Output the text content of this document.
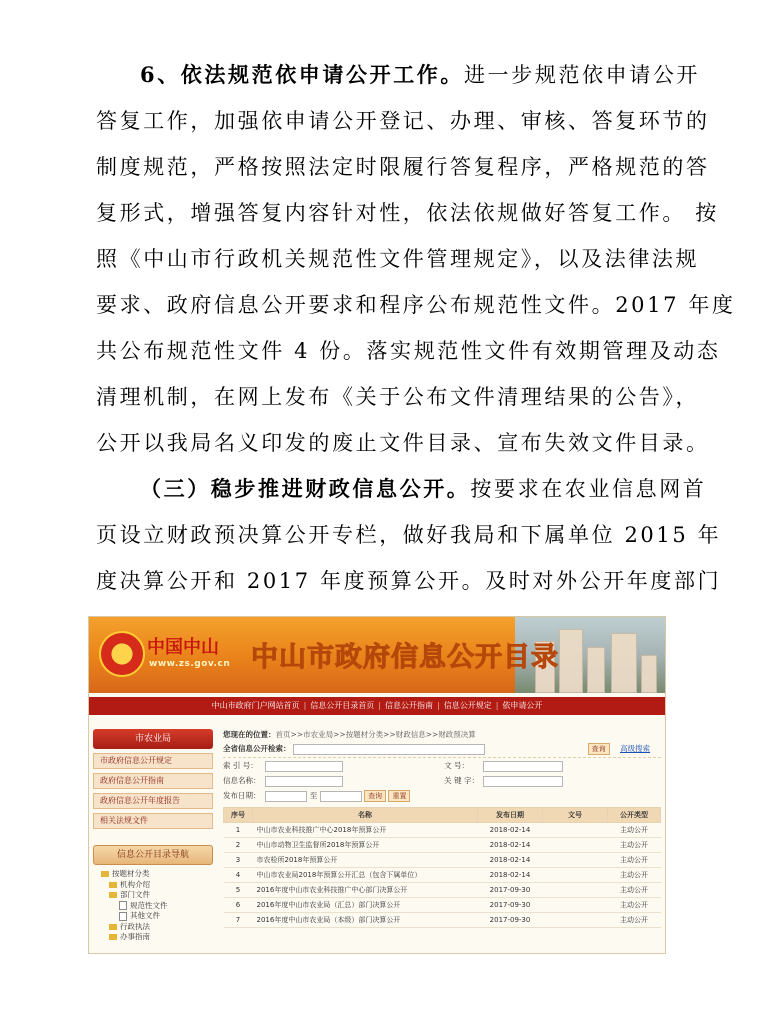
6、依法规范依申请公开工作。进一步规范依申请公开
答复工作，加强依申请公开登记、办理、审核、答复环节的
制度规范，严格按照法定时限履行答复程序，严格规范的答
复形式，增强答复内容针对性，依法依规做好答复工作。 按
照《中山市行政机关规范性文件管理规定》，以及法律法规
要求、政府信息公开要求和程序公布规范性文件。2017 年度
共公布规范性文件 4 份。落实规范性文件有效期管理及动态
清理机制，在网上发布《关于公布文件清理结果的公告》，
公开以我局名义印发的废止文件目录、宣布失效文件目录。
（三）稳步推进财政信息公开。按要求在农业信息网首
页设立财政预决算公开专栏，做好我局和下属单位 2015 年
度决算公开和 2017 年度预算公开。及时对外公开年度部门
中国中山
www.zs.gov.cn 中山市政府信息公开目录
中山市政府门户网站首页 | 信息公开目录首页 | 信息公开指南 | 信息公开规定 | 依申请公开
市农业局
市政府信息公开规定
政府信息公开指南
政府信息公开年度报告
相关法规文件
信息公开目录导航
按题材分类
机构介绍
部门文件
规范性文件
其他文件
行政执法
办事指南
您现在的位置：首页>>市农业局>>按题材分类>>财政信息>>财政预决算
全省信息公开检索：	查询 高级搜索
索 引 号：	文 号：
信息名称：	关 键 字：
发布日期：	至	查询 重置
序号	名称	发布日期	文号	公开类型
1	中山市农业科技推广中心2018年预算公开	2018-02-14		主动公开
2	中山市动物卫生监督所2018年预算公开	2018-02-14		主动公开
3	市农检所2018年预算公开	2018-02-14		主动公开
4	中山市农业局2018年预算公开汇总（包含下属单位）	2018-02-14		主动公开
5	2016年度中山市农业科技推广中心部门决算公开	2017-09-30		主动公开
6	2016年度中山市农业局（汇总）部门决算公开	2017-09-30		主动公开
7	2016年度中山市农业局（本级）部门决算公开	2017-09-30		主动公开
